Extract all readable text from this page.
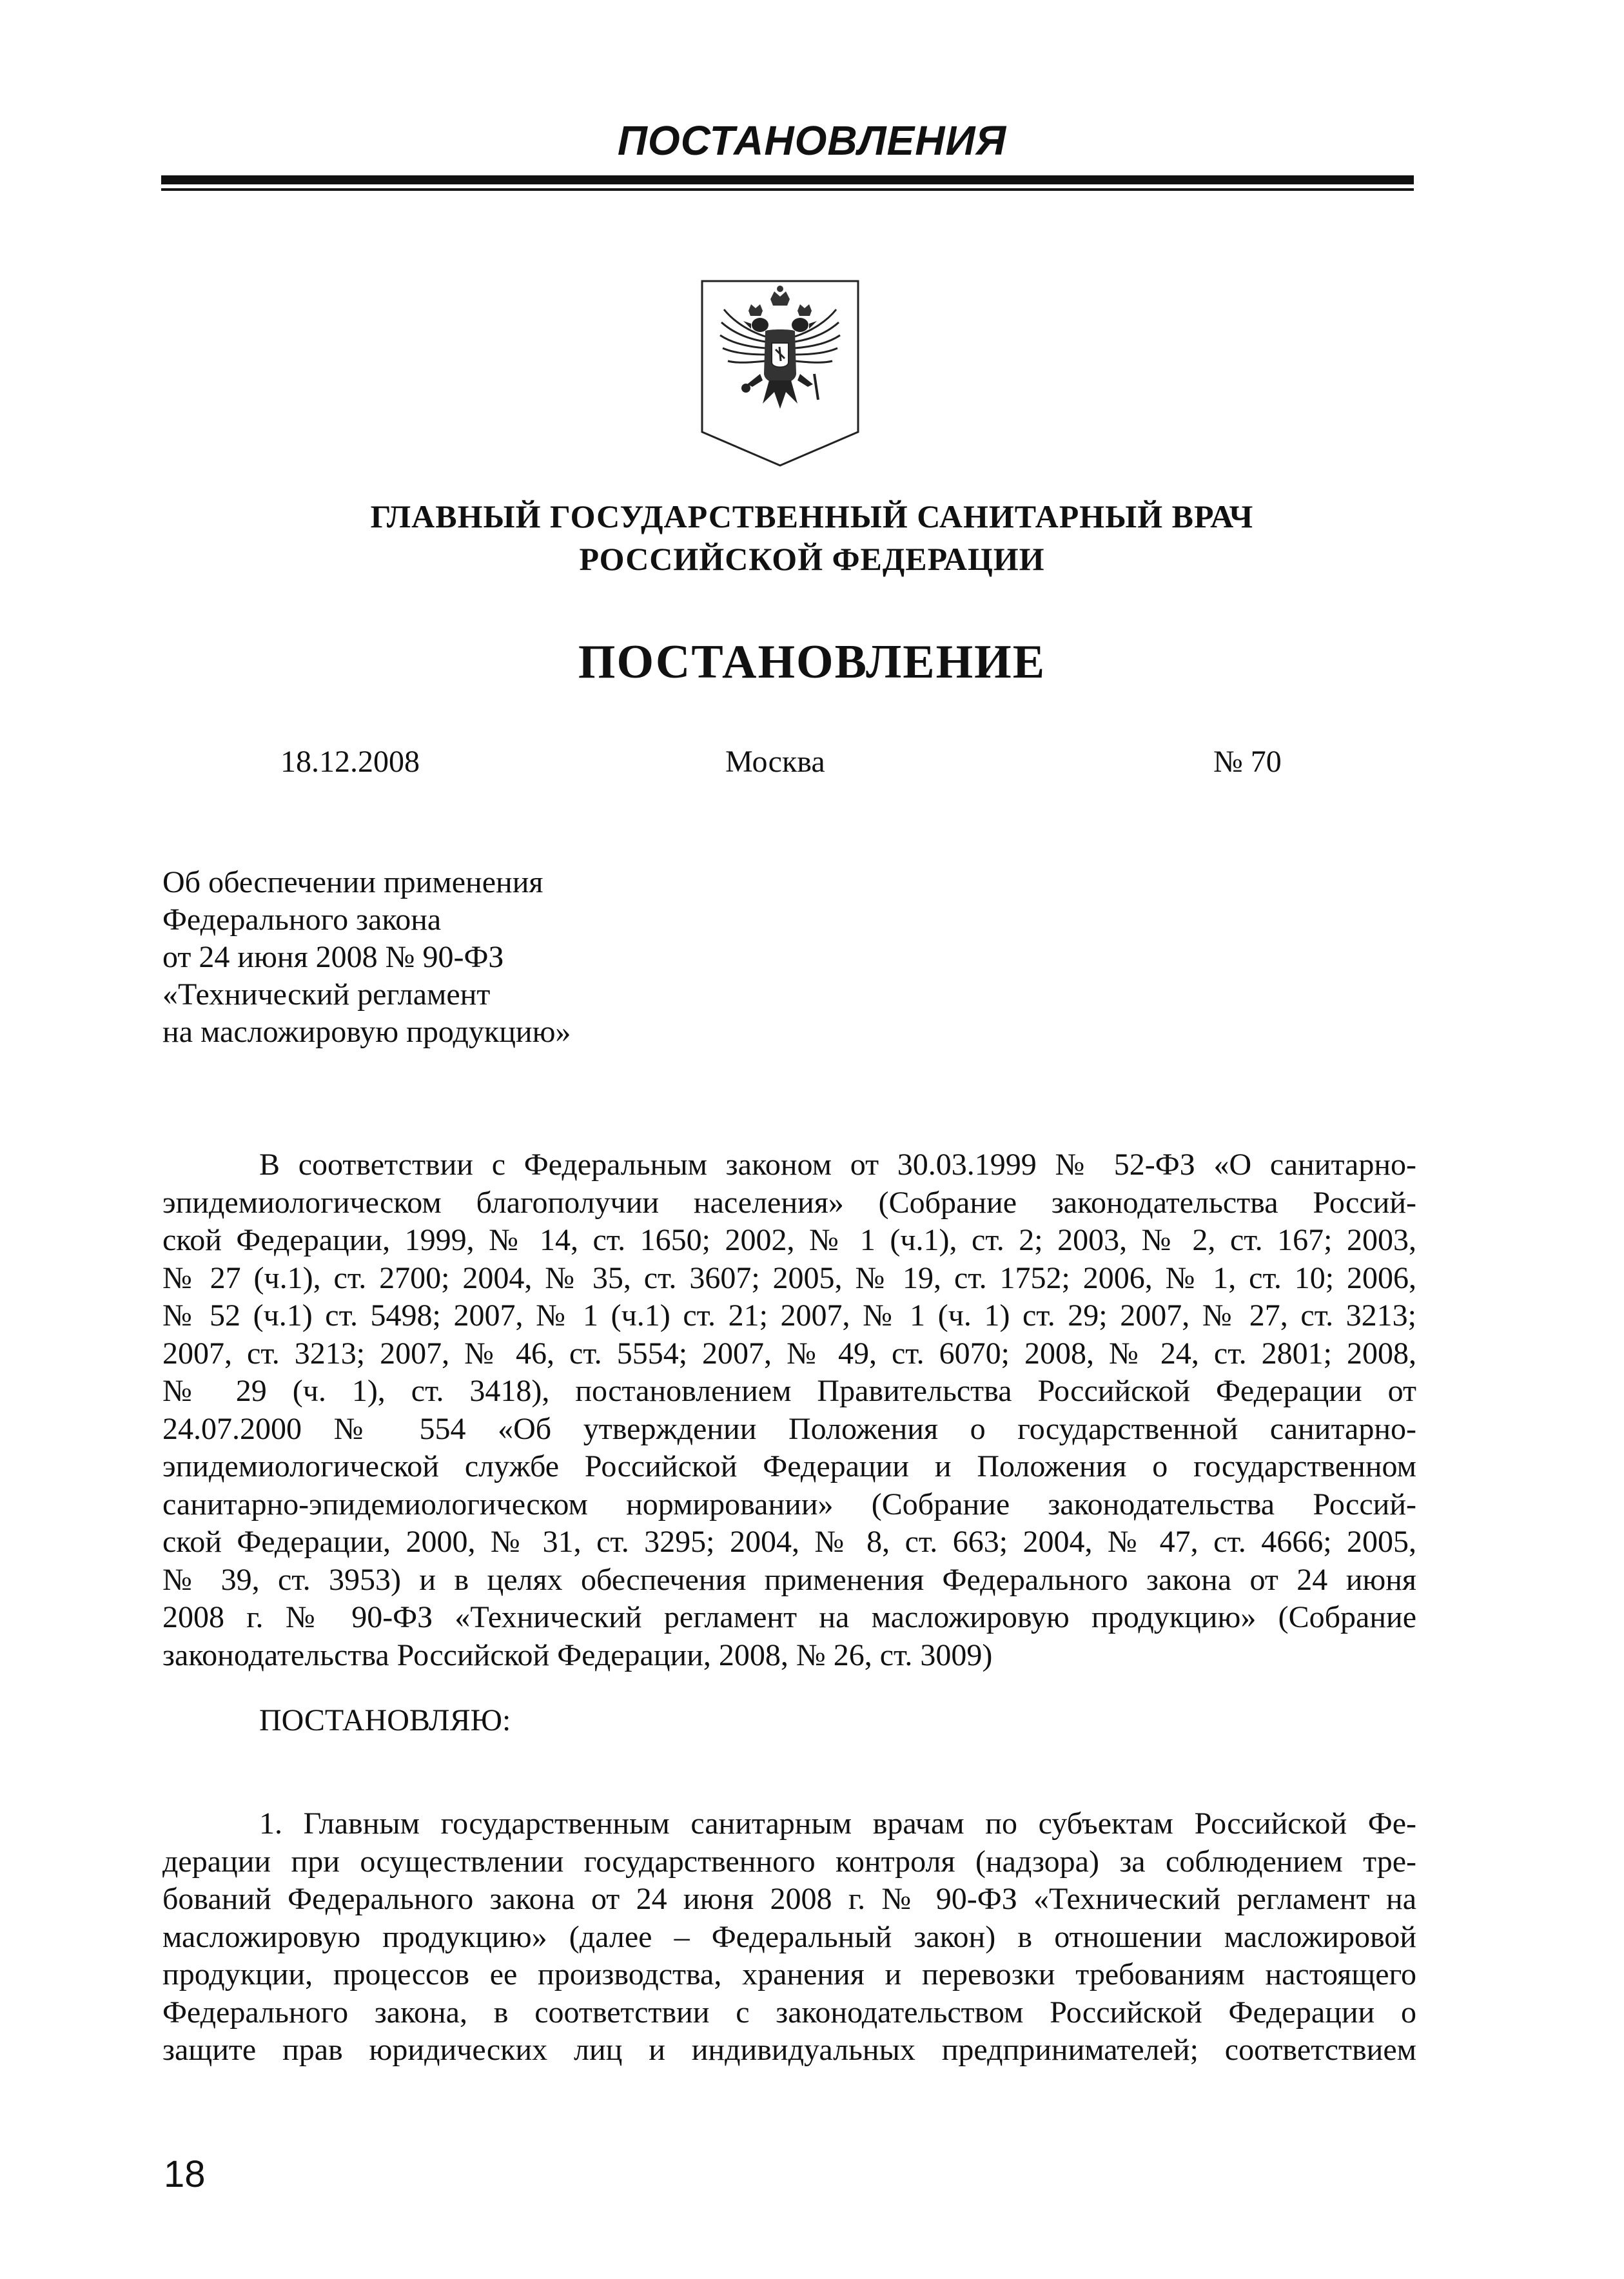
ПОСТАНОВЛЕНИЯ
ГЛАВНЫЙ ГОСУДАРСТВЕННЫЙ САНИТАРНЫЙ ВРАЧ
РОССИЙСКОЙ ФЕДЕРАЦИИ
ПОСТАНОВЛЕНИЕ
18.12.2008	Москва	№ 70
Об обеспечении применения
Федерального закона
от 24 июня 2008 № 90-ФЗ
«Технический регламент
на масложировую продукцию»
В соответствии с Федеральным законом от 30.03.1999 № 52-ФЗ «О санитарно-
эпидемиологическом благополучии населения» (Собрание законодательства Россий-
ской Федерации, 1999, № 14, ст. 1650; 2002, № 1 (ч.1), ст. 2; 2003, № 2, ст. 167; 2003,
№ 27 (ч.1), ст. 2700; 2004, № 35, ст. 3607; 2005, № 19, ст. 1752; 2006, № 1, ст. 10; 2006,
№ 52 (ч.1) ст. 5498; 2007, № 1 (ч.1) ст. 21; 2007, № 1 (ч. 1) ст. 29; 2007, № 27, ст. 3213;
2007, ст. 3213; 2007, № 46, ст. 5554; 2007, № 49, ст. 6070; 2008, № 24, ст. 2801; 2008,
№ 29 (ч. 1), ст. 3418), постановлением Правительства Российской Федерации от
24.07.2000 № 554 «Об утверждении Положения о государственной санитарно-
эпидемиологической службе Российской Федерации и Положения о государственном
санитарно-эпидемиологическом нормировании» (Собрание законодательства Россий-
ской Федерации, 2000, № 31, ст. 3295; 2004, № 8, ст. 663; 2004, № 47, ст. 4666; 2005,
№ 39, ст. 3953) и в целях обеспечения применения Федерального закона от 24 июня
2008 г. № 90-ФЗ «Технический регламент на масложировую продукцию» (Собрание
законодательства Российской Федерации, 2008, № 26, ст. 3009)
ПОСТАНОВЛЯЮ:
1. Главным государственным санитарным врачам по субъектам Российской Фе-
дерации при осуществлении государственного контроля (надзора) за соблюдением тре-
бований Федерального закона от 24 июня 2008 г. № 90-ФЗ «Технический регламент на
масложировую продукцию» (далее – Федеральный закон) в отношении масложировой
продукции, процессов ее производства, хранения и перевозки требованиям настоящего
Федерального закона, в соответствии с законодательством Российской Федерации о
защите прав юридических лиц и индивидуальных предпринимателей; соответствием
18
